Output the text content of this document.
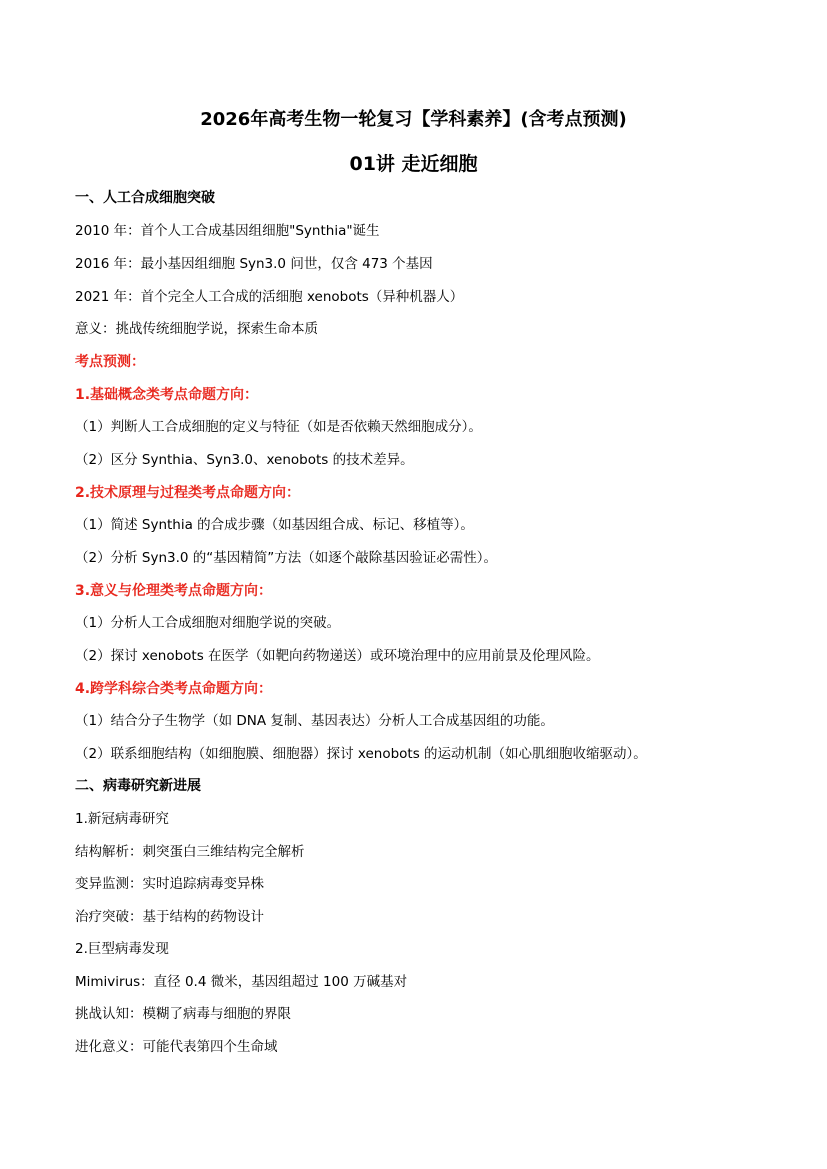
2026年高考生物一轮复习【学科素养】(含考点预测)
01讲 走近细胞
一、人工合成细胞突破
2010 年：首个人工合成基因组细胞"Synthia"诞生
2016 年：最小基因组细胞 Syn3.0 问世，仅含 473 个基因
2021 年：首个完全人工合成的活细胞 xenobots（异种机器人）
意义：挑战传统细胞学说，探索生命本质
考点预测：
1.基础概念类考点命题方向：
（1）判断人工合成细胞的定义与特征（如是否依赖天然细胞成分）。
（2）区分 Synthia、Syn3.0、xenobots 的技术差异。
2.技术原理与过程类考点命题方向：
（1）简述 Synthia 的合成步骤（如基因组合成、标记、移植等）。
（2）分析 Syn3.0 的“基因精简”方法（如逐个敲除基因验证必需性）。
3.意义与伦理类考点命题方向：
（1）分析人工合成细胞对细胞学说的突破。
（2）探讨 xenobots 在医学（如靶向药物递送）或环境治理中的应用前景及伦理风险。
4.跨学科综合类考点命题方向：
（1）结合分子生物学（如 DNA 复制、基因表达）分析人工合成基因组的功能。
（2）联系细胞结构（如细胞膜、细胞器）探讨 xenobots 的运动机制（如心肌细胞收缩驱动）。
二、病毒研究新进展
1.新冠病毒研究
结构解析：刺突蛋白三维结构完全解析
变异监测：实时追踪病毒变异株
治疗突破：基于结构的药物设计
2.巨型病毒发现
Mimivirus：直径 0.4 微米，基因组超过 100 万碱基对
挑战认知：模糊了病毒与细胞的界限
进化意义：可能代表第四个生命域
